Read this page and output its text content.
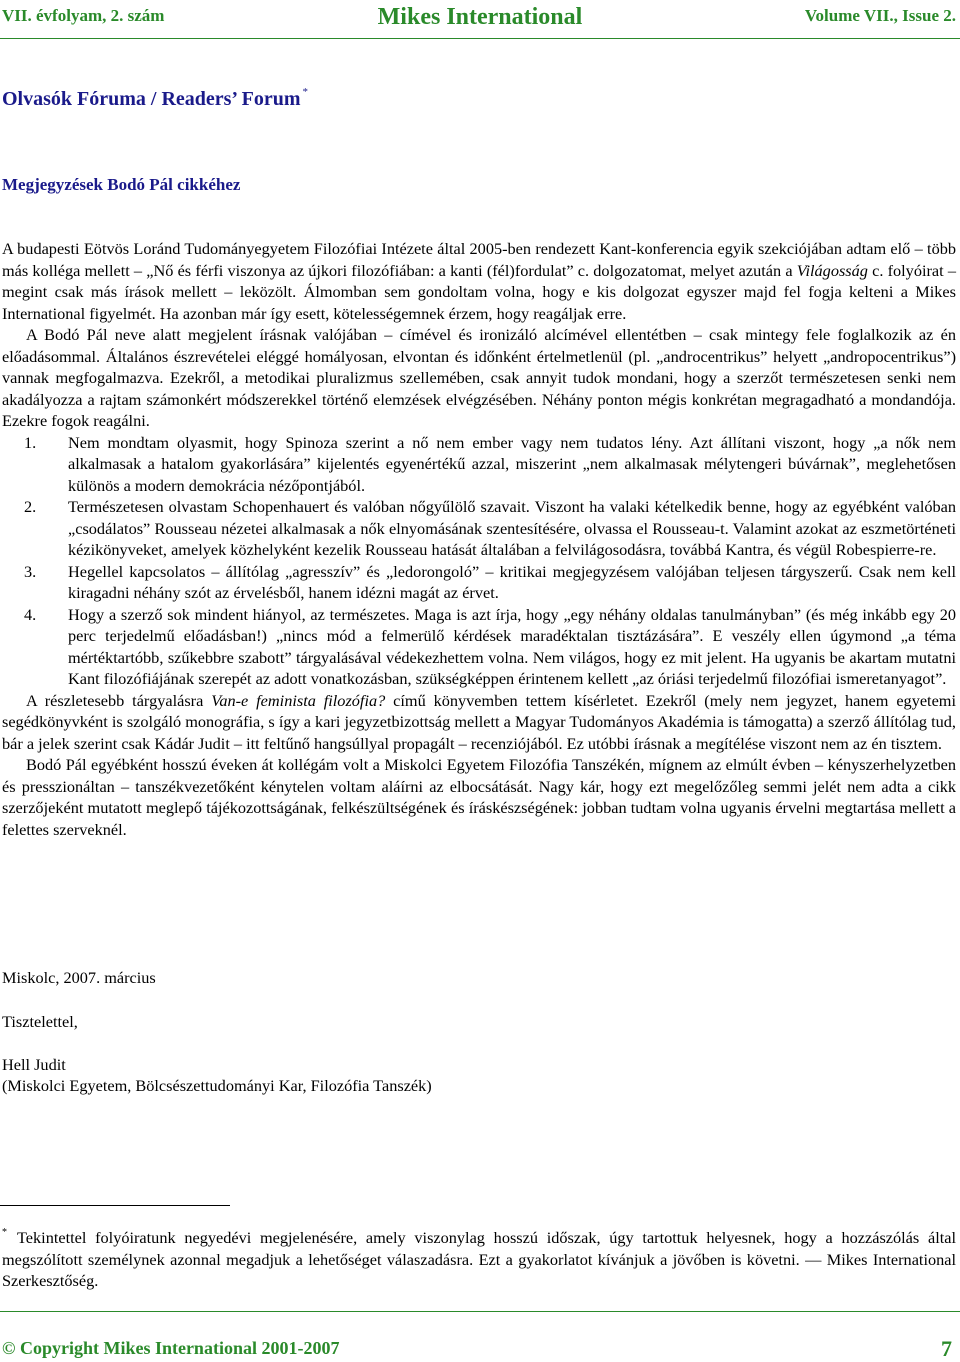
VII. évfolyam, 2. szám	Mikes International	Volume VII., Issue 2.
Olvasók Fóruma / Readers’ Forum *
Megjegyzések Bodó Pál cikkéhez

A budapesti Eötvös Loránd Tudományegyetem Filozófiai Intézete által 2005-ben rendezett Kant-konferencia egyik szekciójában adtam elő – több más kolléga mellett – „Nő és férfi viszonya az újkori filozófiában: a kanti (fél)fordulat” c. dolgozatomat, melyet azután a Világosság c. folyóirat – megint csak más írások mellett – leközölt. Álmomban sem gondoltam volna, hogy e kis dolgozat egyszer majd fel fogja kelteni a Mikes International figyelmét. Ha azonban már így esett, kötelességemnek érzem, hogy reagáljak erre.

A Bodó Pál neve alatt megjelent írásnak valójában – címével és ironizáló alcímével ellentétben – csak mintegy fele foglalkozik az én előadásommal. Általános észrevételei eléggé homályosan, elvontan és időnként értelmetlenül (pl. „androcentrikus” helyett „andropocentrikus”) vannak megfogalmazva. Ezekről, a metodikai pluralizmus szellemében, csak annyit tudok mondani, hogy a szerzőt természetesen senki nem akadályozza a rajtam számonkért módszerekkel történő elemzések elvégzésében. Néhány ponton mégis konkrétan megragadható a mondandója. Ezekre fogok reagálni.

1. Nem mondtam olyasmit, hogy Spinoza szerint a nő nem ember vagy nem tudatos lény. Azt állítani viszont, hogy „a nők nem alkalmasak a hatalom gyakorlására” kijelentés egyenértékű azzal, miszerint „nem alkalmasak mélytengeri búvárnak”, meglehetősen különös a modern demokrácia nézőpontjából.
2. Természetesen olvastam Schopenhauert és valóban nőgyűlölő szavait. Viszont ha valaki kételkedik benne, hogy az egyébként valóban „csodálatos” Rousseau nézetei alkalmasak a nők elnyomásának szentesítésére, olvassa el Rousseau-t. Valamint azokat az eszmetörténeti kézikönyveket, amelyek közhelyként kezelik Rousseau hatását általában a felvilágosodásra, továbbá Kantra, és végül Robespierre-re.
3. Hegellel kapcsolatos – állítólag „agresszív” és „ledorongoló” – kritikai megjegyzésem valójában teljesen tárgyszerű. Csak nem kell kiragadni néhány szót az érvelésből, hanem idézni magát az érvet.
4. Hogy a szerző sok mindent hiányol, az természetes. Maga is azt írja, hogy „egy néhány oldalas tanulmányban” (és még inkább egy 20 perc terjedelmű előadásban!) „nincs mód a felmerülő kérdések maradéktalan tisztázására”. E veszély ellen úgymond „a téma mértéktartóbb, szűkebbre szabott” tárgyalásával védekezhettem volna. Nem világos, hogy ez mit jelent. Ha ugyanis be akartam mutatni Kant filozófiájának szerepét az adott vonatkozásban, szükségképpen érintenem kellett „az óriási terjedelmű filozófiai ismeretanyagot”.

A részletesebb tárgyalásra Van-e feminista filozófia? című könyvemben tettem kísérletet. Ezekről (mely nem jegyzet, hanem egyetemi segédkönyvként is szolgáló monográfia, s így a kari jegyzetbizottság mellett a Magyar Tudományos Akadémia is támogatta) a szerző állítólag tud, bár a jelek szerint csak Kádár Judit – itt feltűnő hangsúllyal propagált – recenziójából. Ez utóbbi írásnak a megítélése viszont nem az én tisztem.

Bodó Pál egyébként hosszú éveken át kollégám volt a Miskolci Egyetem Filozófia Tanszékén, mígnem az elmúlt évben – kényszerhelyzetben és presszionáltan – tanszékvezetőként kénytelen voltam aláírni az elbocsátását. Nagy kár, hogy ezt megelőzőleg semmi jelét nem adta a cikk szerzőjeként mutatott meglepő tájékozottságának, felkészültségének és íráskészségének: jobban tudtam volna ugyanis érvelni megtartása mellett a felettes szerveknél.

Miskolc, 2007. március
Tisztelettel,
Hell Judit
(Miskolci Egyetem, Bölcsészettudományi Kar, Filozófia Tanszék)
* Tekintettel folyóiratunk negyedévi megjelenésére, amely viszonylag hosszú időszak, úgy tartottuk helyesnek, hogy a hozzászólás által megszólított személynek azonnal megadjuk a lehetőséget válaszadásra. Ezt a gyakorlatot kívánjuk a jövőben is követni. — Mikes International Szerkesztőség.
© Copyright Mikes International 2001-2007	7
